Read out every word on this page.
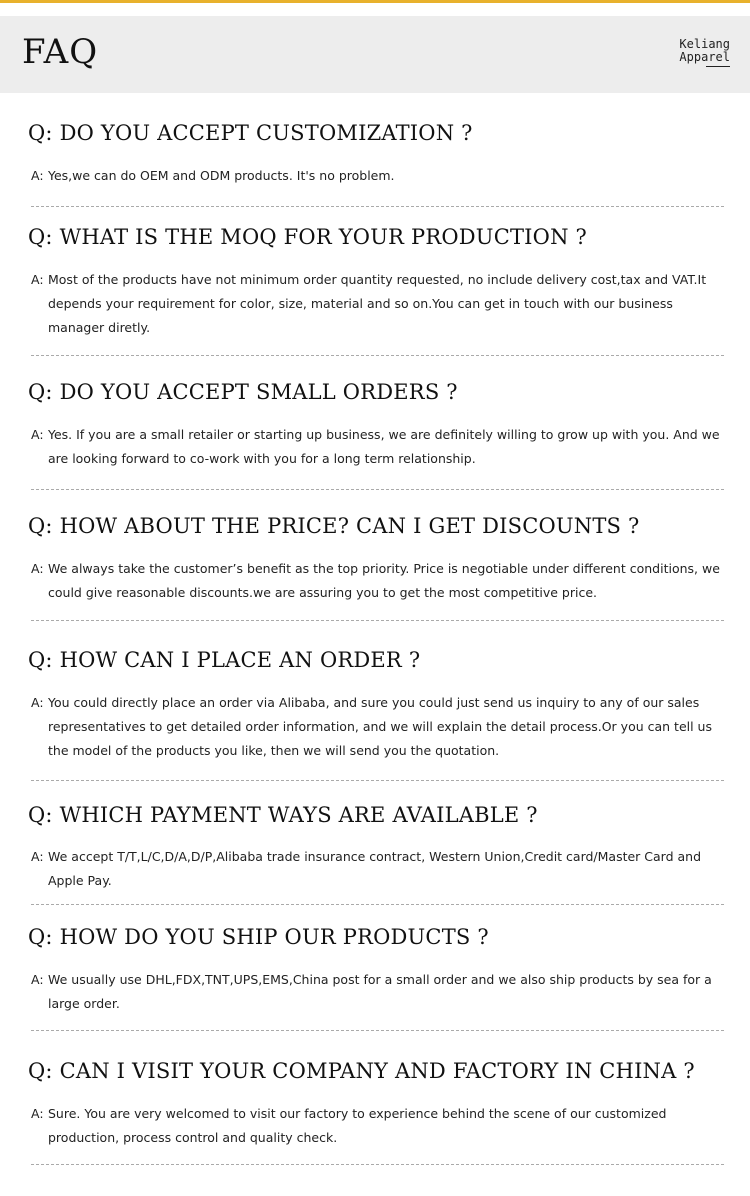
FAQ	Keliang
Apparel
Q: DO YOU ACCEPT CUSTOMIZATION ?
A: Yes,we can do OEM and ODM products. It's no problem.
Q: WHAT IS THE MOQ FOR YOUR PRODUCTION ?
A: Most of the products have not minimum order quantity requested, no include delivery cost,tax and VAT.It depends your requirement for color, size, material and so on.You can get in touch with our business manager diretly.
Q: DO YOU ACCEPT SMALL ORDERS ?
A: Yes. If you are a small retailer or starting up business, we are definitely willing to grow up with you. And we are looking forward to co-work with you for a long term relationship.
Q: HOW ABOUT THE PRICE? CAN I GET DISCOUNTS ?
A: We always take the customer’s benefit as the top priority. Price is negotiable under different conditions, we could give reasonable discounts.we are assuring you to get the most competitive price.
Q: HOW CAN I PLACE AN ORDER ?
A: You could directly place an order via Alibaba, and sure you could just send us inquiry to any of our sales representatives to get detailed order information, and we will explain the detail process.Or you can tell us the model of the products you like, then we will send you the quotation.
Q: WHICH PAYMENT WAYS ARE AVAILABLE ?
A: We accept T/T,L/C,D/A,D/P,Alibaba trade insurance contract, Western Union,Credit card/Master Card and Apple Pay.
Q: HOW DO YOU SHIP OUR PRODUCTS ?
A: We usually use DHL,FDX,TNT,UPS,EMS,China post for a small order and we also ship products by sea for a large order.
Q: CAN I VISIT YOUR COMPANY AND FACTORY IN CHINA ?
A: Sure. You are very welcomed to visit our factory to experience behind the scene of our customized production, process control and quality check.
